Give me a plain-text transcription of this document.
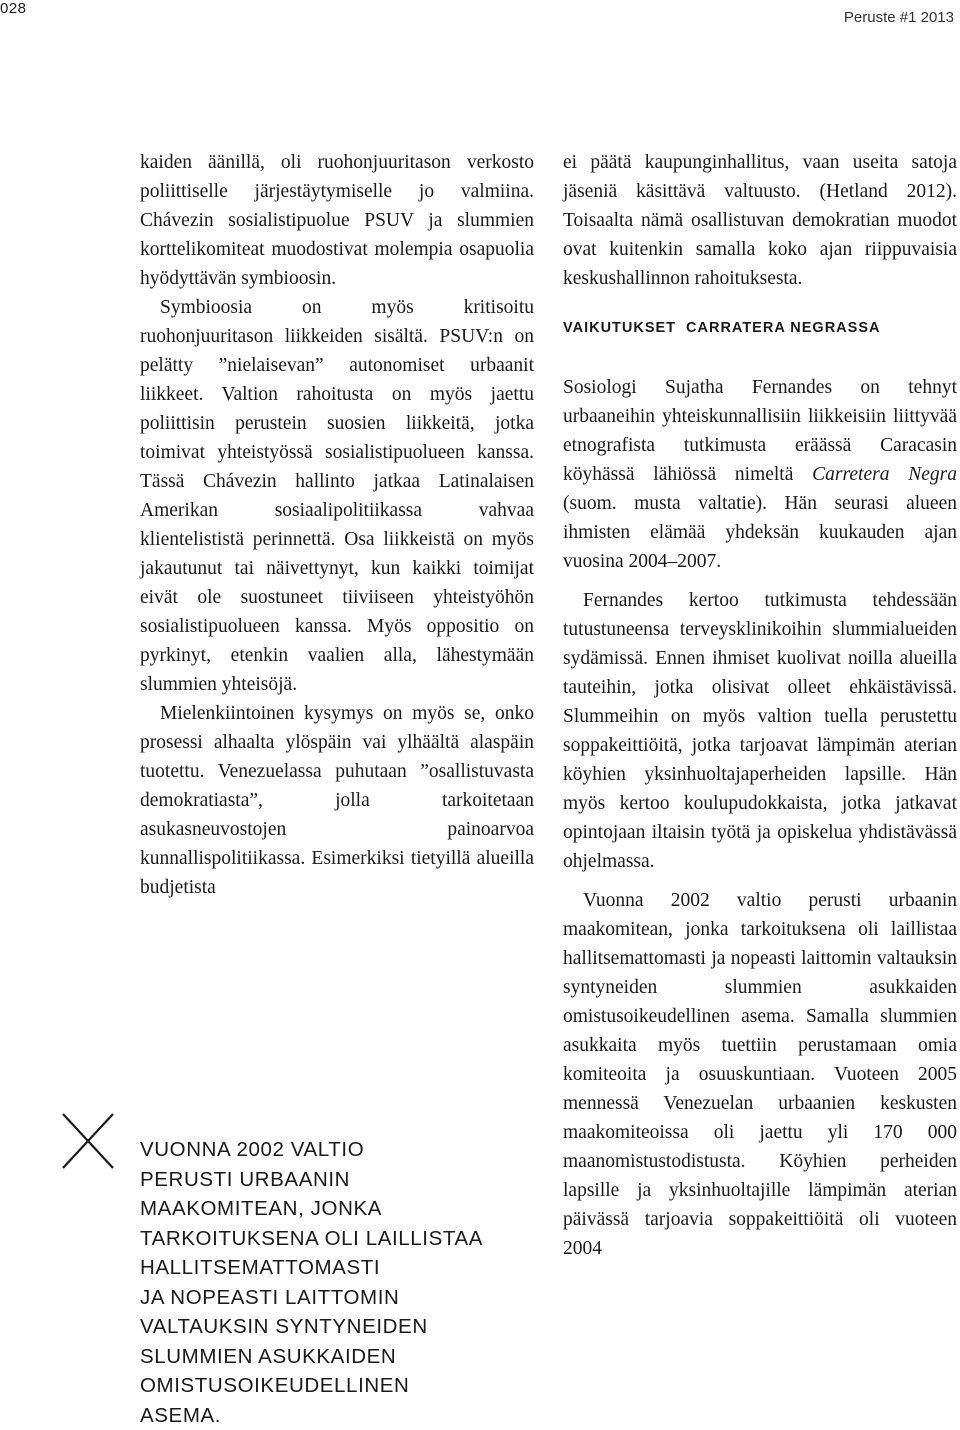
028
Peruste #1 2013

kaiden äänillä, oli ruohonjuuritason verkosto poliittiselle järjestäytymiselle jo valmiina. Chávezin sosialistipuolue PSUV ja slummien korttelikomiteat muodostivat molempia osapuolia hyödyttävän symbioosin.

Symbioosia on myös kritisoitu ruohonjuuritason liikkeiden sisältä. PSUV:n on pelätty ”nielaisevan” autonomiset urbaanit liikkeet. Valtion rahoitusta on myös jaettu poliittisin perustein suosien liikkeitä, jotka toimivat yhteistyössä sosialistipuolueen kanssa. Tässä Chávezin hallinto jatkaa Latinalaisen Amerikan sosiaalipolitiikassa vahvaa klientelististä perinnettä. Osa liikkeistä on myös jakautunut tai näivettynyt, kun kaikki toimijat eivät ole suostuneet tiiviiseen yhteistyöhön sosialistipuolueen kanssa. Myös oppositio on pyrkinyt, etenkin vaalien alla, lähestymään slummien yhteisöjä.

Mielenkiintoinen kysymys on myös se, onko prosessi alhaalta ylöspäin vai ylhäältä alaspäin tuotettu. Venezuelassa puhutaan ”osallistuvasta demokratiasta”, jolla tarkoitetaan asukasneuvostojen painoarvoa kunnallispolitiikassa. Esimerkiksi tietyillä alueilla budjetista

ei päätä kaupunginhallitus, vaan useita satoja jäseniä käsittävä valtuusto. (Hetland 2012). Toisaalta nämä osallistuvan demokratian muodot ovat kuitenkin samalla koko ajan riippuvaisia keskushallinnon rahoituksesta.

VAIKUTUKSET CARRATERA NEGRASSA

Sosiologi Sujatha Fernandes on tehnyt urbaaneihin yhteiskunnallisiin liikkeisiin liittyvää etnografista tutkimusta eräässä Caracasin köyhässä lähiössä nimeltä Carretera Negra (suom. musta valtatie). Hän seurasi alueen ihmisten elämää yhdeksän kuukauden ajan vuosina 2004–2007.

Fernandes kertoo tutkimusta tehdessään tutustuneensa terveysklinikoihin slummialueiden sydämissä. Ennen ihmiset kuolivat noilla alueilla tauteihin, jotka olisivat olleet ehkäistävissä. Slummeihin on myös valtion tuella perustettu soppakeittiöitä, jotka tarjoavat lämpimän aterian köyhien yksinhuoltajaperheiden lapsille. Hän myös kertoo koulupudokkaista, jotka jatkavat opintojaan iltaisin työtä ja opiskelua yhdistävässä ohjelmassa.

Vuonna 2002 valtio perusti urbaanin maakomitean, jonka tarkoituksena oli laillistaa hallitsemattomasti ja nopeasti laittomin valtauksin syntyneiden slummien asukkaiden omistusoikeudellinen asema. Samalla slummien asukkaita myös tuettiin perustamaan omia komiteoita ja osuuskuntiaan. Vuoteen 2005 mennessä Venezuelan urbaanien keskusten maakomiteoissa oli jaettu yli 170 000 maanomistustodistusta. Köyhien perheiden lapsille ja yksinhuoltajille lämpimän aterian päivässä tarjoavia soppakeittiöitä oli vuoteen 2004

VUONNA 2002 VALTIO
PERUSTI URBAANIN
MAAKOMITEAN, JONKA
TARKOITUKSENA OLI LAILLISTAA
HALLITSEMATTOMASTI
JA NOPEASTI LAITTOMIN
VALTAUKSIN SYNTYNEIDEN
SLUMMIEN ASUKKAIDEN
OMISTUSOIKEUDELLINEN
ASEMA.
